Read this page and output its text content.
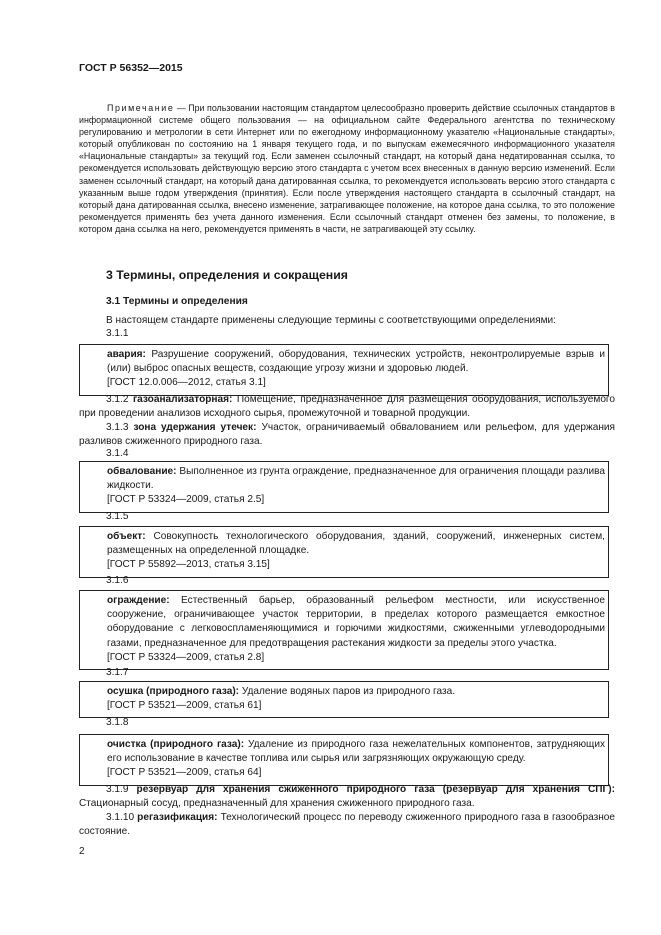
ГОСТ Р 56352—2015

Примечание — При пользовании настоящим стандартом целесообразно проверить действие ссылочных стандартов в информационной системе общего пользования — на официальном сайте Федерального агентства по техническому регулированию и метрологии в сети Интернет или по ежегодному информационному указателю «Национальные стандарты», который опубликован по состоянию на 1 января текущего года, и по выпускам ежемесячного информационного указателя «Национальные стандарты» за текущий год. Если заменен ссылочный стандарт, на который дана недатированная ссылка, то рекомендуется использовать действующую версию этого стандарта с учетом всех внесенных в данную версию изменений. Если заменен ссылочный стандарт, на который дана датированная ссылка, то рекомендуется использовать версию этого стандарта с указанным выше годом утверждения (принятия). Если после утверждения настоящего стандарта в ссылочный стандарт, на который дана датированная ссылка, внесено изменение, затрагивающее положение, на которое дана ссылка, то это положение рекомендуется применять без учета данного изменения. Если ссылочный стандарт отменен без замены, то положение, в котором дана ссылка на него, рекомендуется применять в части, не затрагивающей эту ссылку.

3 Термины, определения и сокращения
3.1 Термины и определения

В настоящем стандарте применены следующие термины с соответствующими определениями:

3.1.1
авария: Разрушение сооружений, оборудования, технических устройств, неконтролируемые взрыв и (или) выброс опасных веществ, создающие угрозу жизни и здоровью людей.
[ГОСТ 12.0.006—2012, статья 3.1]

3.1.2 газоанализаторная: Помещение, предназначенное для размещения оборудования, используемого при проведении анализов исходного сырья, промежуточной и товарной продукции.

3.1.3 зона удержания утечек: Участок, ограничиваемый обвалованием или рельефом, для удержания разливов сжиженного природного газа.

3.1.4
обвалование: Выполненное из грунта ограждение, предназначенное для ограничения площади разлива жидкости.
[ГОСТ Р 53324—2009, статья 2.5]
3.1.5
объект: Совокупность технологического оборудования, зданий, сооружений, инженерных систем, размещенных на определенной площадке.
[ГОСТ Р 55892—2013, статья 3.15]
3.1.6
ограждение: Естественный барьер, образованный рельефом местности, или искусственное сооружение, ограничивающее участок территории, в пределах которого размещается емкостное оборудование с легковоспламеняющимися и горючими жидкостями, сжиженными углеводородными газами, предназначенное для предотвращения растекания жидкости за пределы этого участка.
[ГОСТ Р 53324—2009, статья 2.8]
3.1.7
осушка (природного газа): Удаление водяных паров из природного газа.
[ГОСТ Р 53521—2009, статья 61]
3.1.8
очистка (природного газа): Удаление из природного газа нежелательных компонентов, затрудняющих его использование в качестве топлива или сырья или загрязняющих окружающую среду.
[ГОСТ Р 53521—2009, статья 64]

3.1.9 резервуар для хранения сжиженного природного газа (резервуар для хранения СПГ): Стационарный сосуд, предназначенный для хранения сжиженного природного газа.

3.1.10 регазификация: Технологический процесс по переводу сжиженного природного газа в газообразное состояние.

2
